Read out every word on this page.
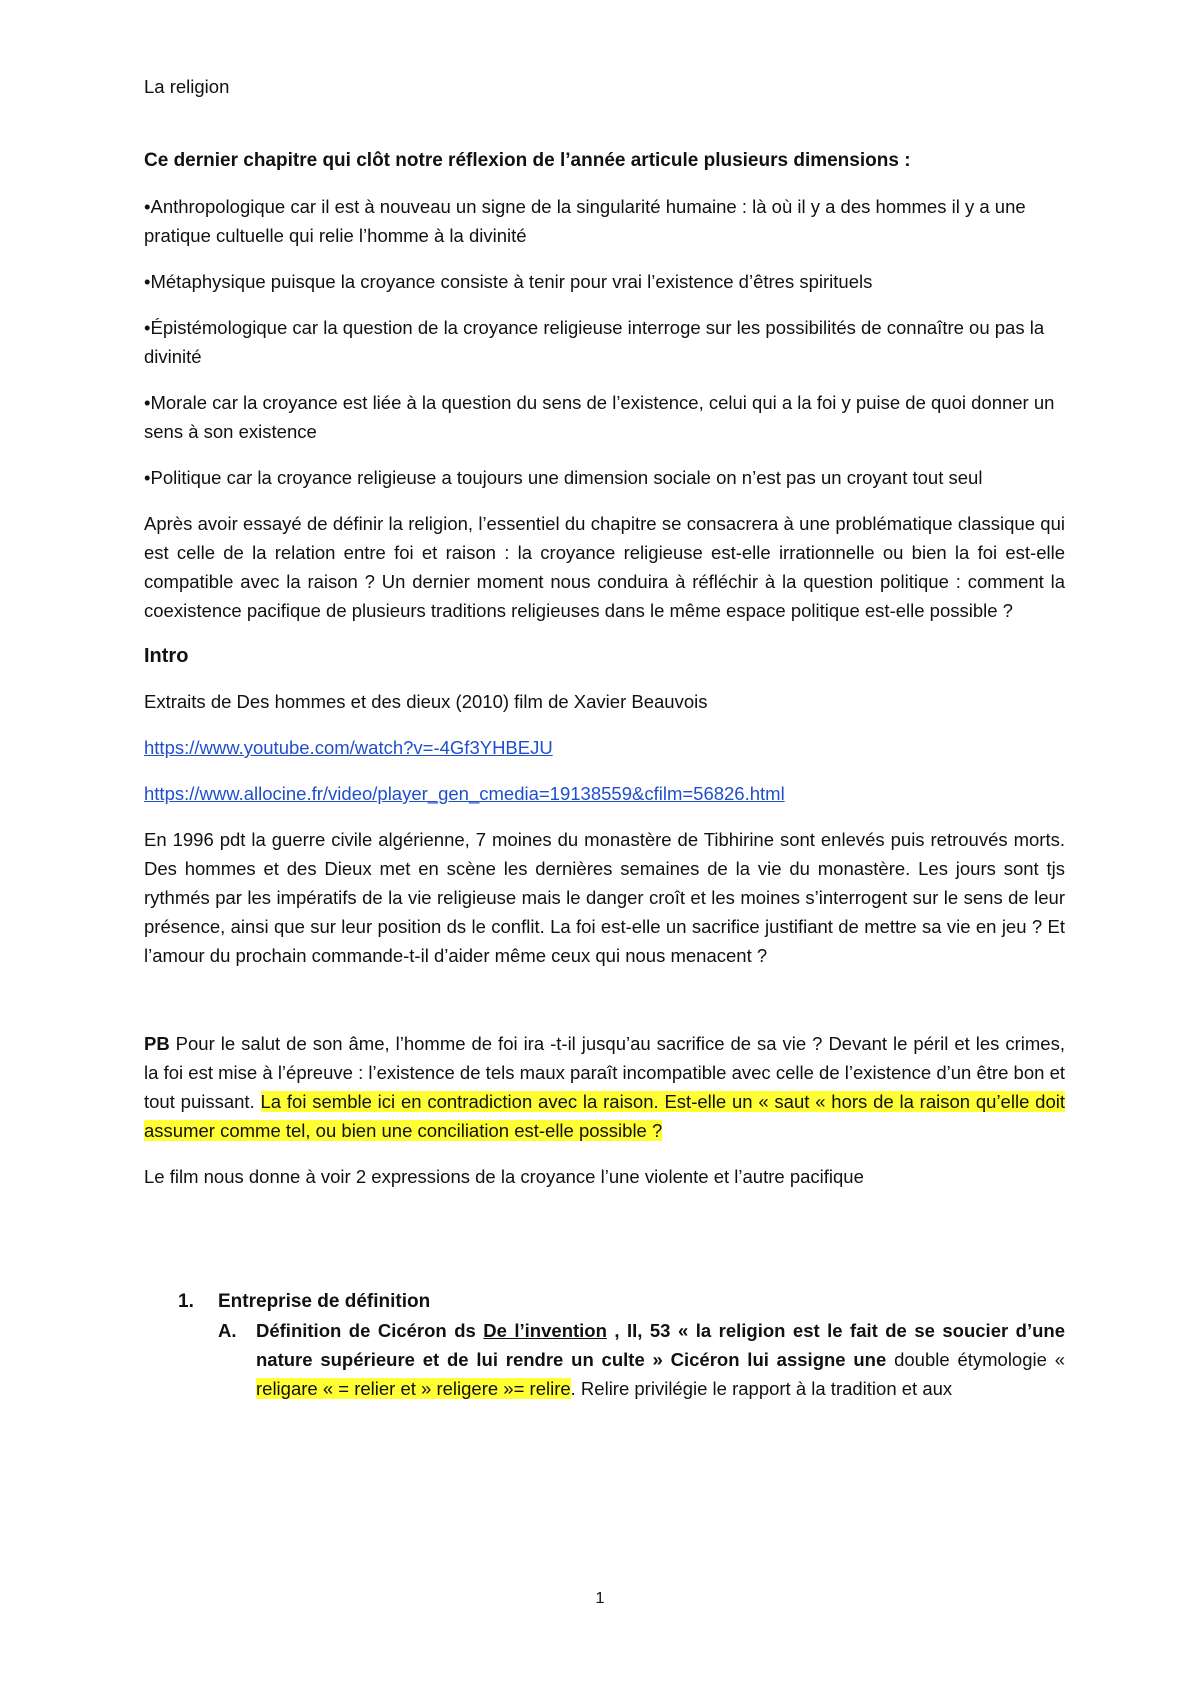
La religion

Ce dernier chapitre qui clôt notre réflexion de l’année articule plusieurs dimensions :

•Anthropologique car il est à nouveau un signe de la singularité humaine : là où il y a des hommes il y a une pratique cultuelle qui relie l’homme à la divinité

•Métaphysique puisque la croyance consiste à tenir pour vrai l’existence d’êtres spirituels

•Épistémologique car la question de la croyance religieuse interroge sur les possibilités de connaître ou pas la divinité

•Morale car la croyance est liée à la question du sens de l’existence, celui qui a la foi y puise de quoi donner un sens à son existence

•Politique car la croyance religieuse a toujours une dimension sociale on n’est pas un croyant tout seul

Après avoir essayé de définir la religion, l’essentiel du chapitre se consacrera à une problématique classique qui est celle de la relation entre foi et raison : la croyance religieuse est-elle irrationnelle ou bien la foi est-elle compatible avec la raison ? Un dernier moment nous conduira à réfléchir à la question politique : comment la coexistence pacifique de plusieurs traditions religieuses dans le même espace politique est-elle possible ?

Intro

Extraits de Des hommes et des dieux (2010) film de Xavier Beauvois

https://www.youtube.com/watch?v=-4Gf3YHBEJU

https://www.allocine.fr/video/player_gen_cmedia=19138559&cfilm=56826.html

En 1996 pdt la guerre civile algérienne, 7 moines du monastère de Tibhirine sont enlevés puis retrouvés morts. Des hommes et des Dieux met en scène les dernières semaines de la vie du monastère. Les jours sont tjs rythmés par les impératifs de la vie religieuse mais le danger croît et les moines s’interrogent sur le sens de leur présence, ainsi que sur leur position ds le conflit. La foi est-elle un sacrifice justifiant de mettre sa vie en jeu ? Et l’amour du prochain commande-t-il d’aider même ceux qui nous menacent ?

PB Pour le salut de son âme, l’homme de foi ira -t-il jusqu’au sacrifice de sa vie ? Devant le péril et les crimes, la foi est mise à l’épreuve : l’existence de tels maux paraît incompatible avec celle de l’existence d’un être bon et tout puissant. La foi semble ici en contradiction avec la raison. Est-elle un « saut « hors de la raison qu’elle doit assumer comme tel, ou bien une conciliation est-elle possible ?

Le film nous donne à voir 2 expressions de la croyance l’une violente et l’autre pacifique

1. Entreprise de définition
A. Définition de Cicéron ds De l’invention , II, 53 « la religion est le fait de se soucier d’une nature supérieure et de lui rendre un culte » Cicéron lui assigne une double étymologie « religare « = relier et » religere »= relire. Relire privilégie le rapport à la tradition et aux
1
